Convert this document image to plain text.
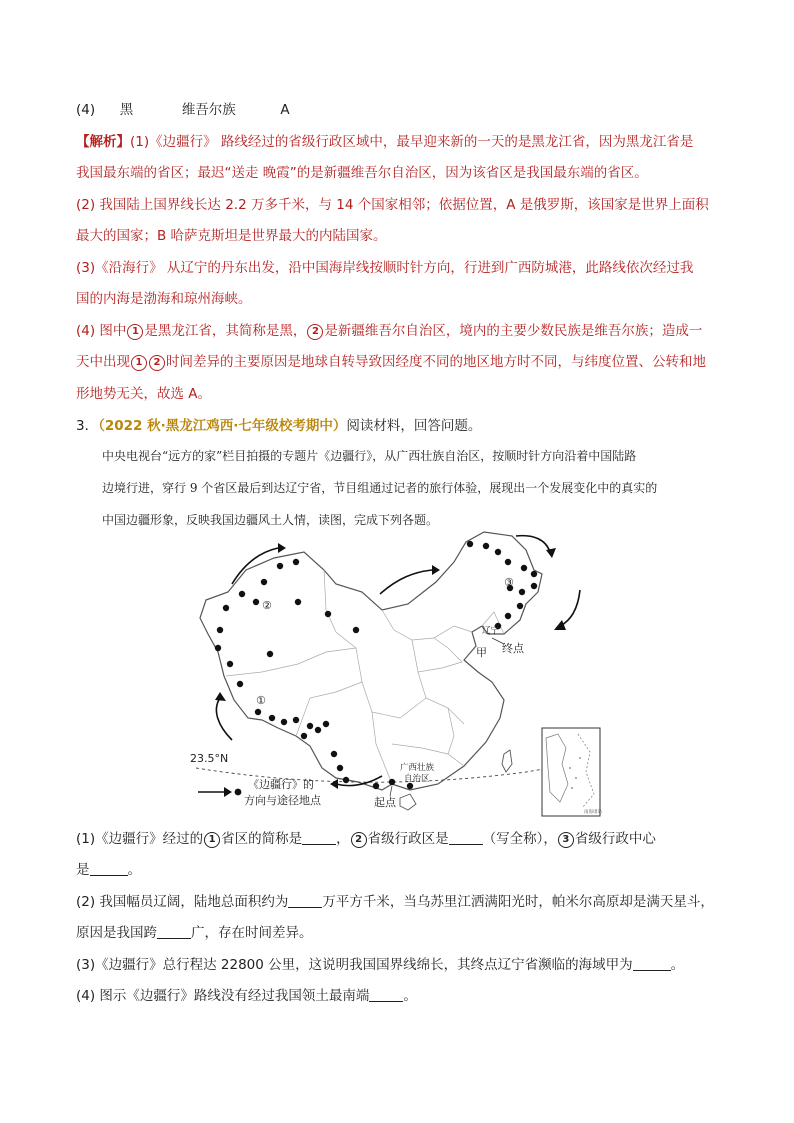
(4) 黑	维吾尔族	A
【解析】(1)《边疆行》 路线经过的省级行政区域中，最早迎来新的一天的是黑龙江省，因为黑龙江省是
我国最东端的省区；最迟“送走 晚霞”的是新疆维吾尔自治区，因为该省区是我国最东端的省区。
(2) 我国陆上国界线长达 2.2 万多千米，与 14 个国家相邻；依据位置，A 是俄罗斯，该国家是世界上面积
最大的国家；B 哈萨克斯坦是世界最大的内陆国家。
(3)《沿海行》 从辽宁的丹东出发，沿中国海岸线按顺时针方向，行进到广西防城港，此路线依次经过我
国的内海是渤海和琼州海峡。
(4) 图中 1 是黑龙江省，其简称是黑， 2 是新疆维吾尔自治区，境内的主要少数民族是维吾尔族；造成一
天中出现 1 2 时间差异的主要原因是地球自转导致因经度不同的地区地方时不同，与纬度位置、公转和地
形地势无关，故选 A。
3．（2022 秋·黑龙江鸡西·七年级校考期中）阅读材料，回答问题。
中央电视台“远方的家”栏目拍摄的专题片《边疆行》，从广西壮族自治区，按顺时针方向沿着中国陆路
边境行进，穿行 9 个省区最后到达辽宁省，节目组通过记者的旅行体验，展现出一个发展变化中的真实的
中国边疆形象，反映我国边疆风土人情，读图，完成下列各题。
②
①
③
辽宁
甲 终点
23.5°N
广西壮族
自治区
起点
《边疆行》的
方向与途径地点
南海诸岛
(1)《边疆行》经过的 1 省区的简称是	， 2 省级行政区是	（写全称）， 3 省级行政中心
是	。
(2) 我国幅员辽阔，陆地总面积约为	万平方千米，当乌苏里江洒满阳光时，帕米尔高原却是满天星斗，
原因是我国跨	广，存在时间差异。
(3)《边疆行》总行程达 22800 公里，这说明我国国界线绵长，其终点辽宁省濒临的海域甲为	。
(4) 图示《边疆行》路线没有经过我国领土最南端	。
